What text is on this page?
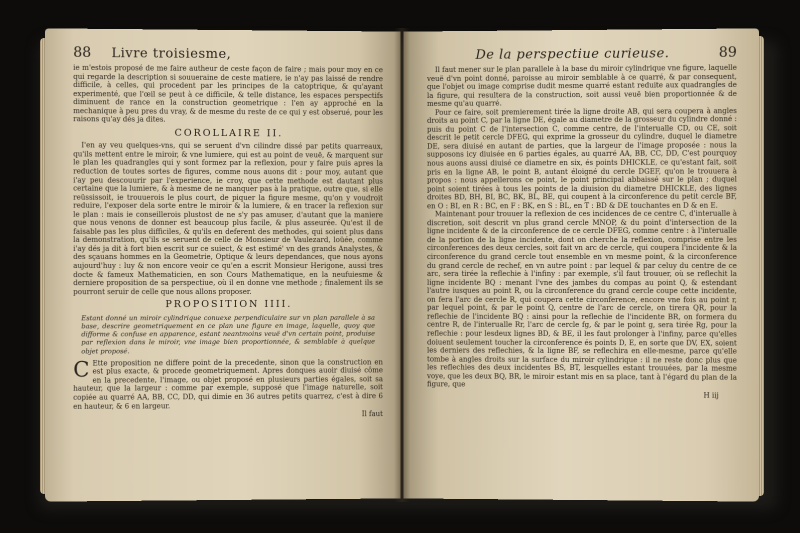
88	Livre troisiesme,

ie m'estois proposé de me faire autheur de ceste façon de faire ; mais pour moy en ce qui regarde la description si souueraine de ceste matiere, ie n'ay pas laissé de rendre difficile, à celles, qui procedent par les principes de la catoptrique, & qu'ayant experimenté, que l'œil se peut à ce difficile, & telle distance, les espaces perspectifs diminuent de rance en la construction geometrique : l'en ay approché en la mechanique à peu pres du vray, & de mesme du reste de ce qui y est obserué, pour les raisons qu'ay dés ja dites.

COROLLAIRE II.

I'en ay veu quelques-vns, qui se seruent d'vn cilindre dissé par petits quarreaux, qu'ils mettent entre le miroir, & vne lumiere, qui est au point de veuë, & marquent sur le plan les quadrangles qui y sont formez par la reflexion, pour y faire puis apres la reduction de toutes sortes de figures, comme nous auons dit : pour moy, autant que i'ay peu descouurir par l'experience, ie croy, que cette methode est dautant plus certaine que la lumiere, & à mesme de ne manquer pas à la pratique, outre que, si elle reüssissoit, ie trouuerois le plus court, de piquer la figure mesme, qu'on y voudroit reduire, l'exposer dela sorte entre le miroir & la lumiere, & en tracer la reflexion sur le plan : mais ie conseillerois plustost de ne s'y pas amuser, d'autant que la maniere que nous venons de donner est beaucoup plus facile, & plus asseurée. Qu'est il de faisable pas les plus difficiles, & qu'ils en deferent des methodes, qui soient plus dans la demonstration, qu'ils se seruent de celle de Monsieur de Vaulezard, loüée, comme i'ay dés ja dit à fort bien escrit sur ce suiect, & est estimé' vn des grands Analystes, & des sçauans hommes en la Geometrie, Optique & leurs dependances, que nous ayons aujourd'huy : luy & non encore veoir ce qu'en a escrit Monsieur Herigone, aussi tres docte & fameux Mathematicien, en son Cours Mathematique, en la neufuiesme & derniere proposition de sa perspectiue, où il en donne vne methode ; finalement ils se pourront seruir de celle que nous allons proposer.

PROPOSITION IIII.

Estant donné un miroir cylindrique conuexe perpendiculaire sur vn plan parallele à sa base, descrire geometriquement en ce plan une figure en image, laquelle, quoy que difforme & confuse en apparence, estant neantmoins veuë d'vn certain point, produise par reflexion dans le miroir, vne image bien proportionnée, & semblable à quelque objet proposé.

C Ette proposition ne differe point de la precedente, sinon que la construction en est plus exacte, & procede geometriquement. Apres donques auoir diuisé côme en la precedente, l'image, ou objet proposé en plusieurs parties égales, soit sa hauteur, que la largeur : comme par exemple, supposé que l'image naturelle, soit copiée au quarré AA, BB, CC, DD, qui dimie en 36 autres petits quarrez, c'est à dire 6 en hauteur, & 6 en largeur.

Il faut
De la perspectiue curieuse.	89

Il faut mener sur le plan parallele à la base du miroir cylindrique vne figure, laquelle veuë d'vn point donné, paroisse au miroir semblable à ce quarré, & par consequent, que l'objet ou image comprise dudit mesme quarré estant reduite aux quadrangles de la figure, qui resultera de la construction, soit aussi veuë bien proportionnée & de mesme qu'au quarré.

Pour ce faire, soit premierement tirée la ligne droite AB, qui sera coupera à angles droits au point C, par la ligne DE, égale au diametre de la grosseur du cylindre donné : puis du point C de l'intersection C, comme centre, de l'interualle CD, ou CE, soit descrit le petit cercle DFEG, qui exprime la grosseur du cylindre, duquel le diametre DE, sera diuisé en autant de parties, que la largeur de l'image proposée : nous la supposons icy diuisée en 6 parties égales, au quarré AA, BB, CC, DD, C'est pourquoy nous auons aussi diuisé ce diametre en six, és points DHICKLE, ce qu'estant fait, soit pris en la ligne AB, le point B, autant éloigné du cercle DGEF, qu'on le trouuera à propos : nous appellerons ce point, le point principal abbaissé sur le plan ; duquel point soient tirées à tous les points de la diuision du diametre DHICKLE, des lignes droites BD, BH, BI, BC, BK, BL, BE, qui coupent à la circonference du petit cercle BF, en O : BI, en R : BC, en F : BK, en S : BL, en T : BD & DE touchantes en D & en E.

Maintenant pour trouuer la reflexion de ces incidences de ce centre C, d'interualle à discretion, soit descrit vn plus grand cercle MNOP, & du point d'intersection de la ligne incidente & de la circonference de ce cercle DFEG, comme centre : à l'interualle de la portion de la ligne incidente, dont on cherche la reflexion, comprise entre les circonferences des deux cercles, soit fait vn arc de cercle, qui coupera l'incidente & la circonference du grand cercle tout ensemble en vn mesme point, & la circonference du grand cercle de rechef, en vn autre point : par lequel & par celuy du centre de ce arc, sera tirée la reflechie à l'infiny : par exemple, s'il faut trouuer, où se reflechit la ligne incidente BQ : menant l'vne des jambes du compas au point Q, & estendant l'autre iusques au point R, ou la circonference du grand cercle coupe cette incidente, on fera l'arc de cercle R, qui coupera cette circonference, encore vne fois au point r, par lequel point, & par le point Q, centre de l'arc de cercle, on tirera QR, pour la reflechie de l'incidente BQ : ainsi pour la reflechie de l'incidente BR, on formera du centre R, de l'interualle Rr, l'arc de cercle fg, & par le point g, sera tirée Rg, pour la reflechie : pour lesdeux lignes BD, & BE, il les faut prolonger à l'infiny, parce qu'elles doiuent seulement toucher la circonference és points D, E, en sorte que DV, EX, soient les derniers des reflechies, & la ligne BF, se reflechira en elle-mesme, parce qu'elle tombe à angles droits sur la surface du miroir cylindrique : il ne reste donc plus que les reflechies des deux incidentes BS, BT, lesquelles estant trouuées, par la mesme voye, que les deux BQ, BR, le miroir estant mis en sa place, tant à l'égard du plan de la figure, que

H iij
